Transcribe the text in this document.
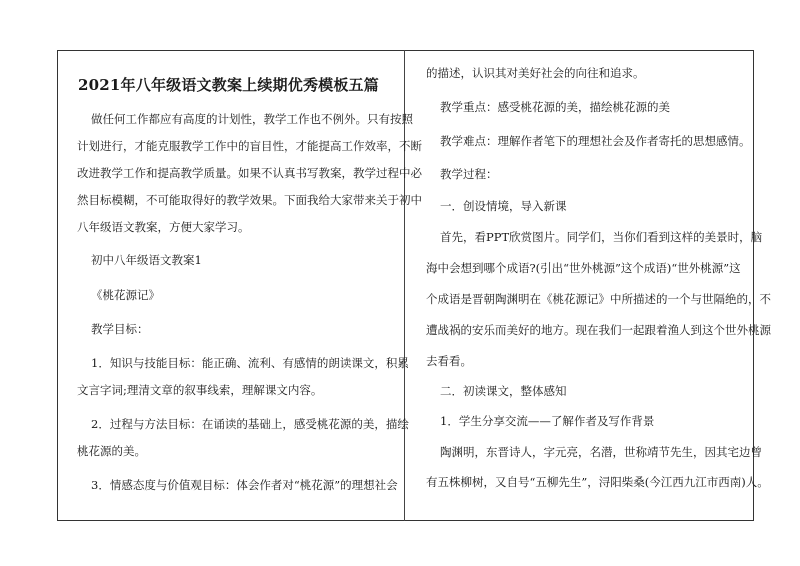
2021年八年级语文教案上续期优秀模板五篇
做任何工作都应有高度的计划性，教学工作也不例外。只有按照
计划进行，才能克服教学工作中的盲目性，才能提高工作效率，不断
改进教学工作和提高教学质量。如果不认真书写教案，教学过程中必
然目标模糊，不可能取得好的教学效果。下面我给大家带来关于初中
八年级语文教案，方便大家学习。
初中八年级语文教案1
《桃花源记》
教学目标：
1．知识与技能目标：能正确、流利、有感情的朗读课文，积累
文言字词;理清文章的叙事线索，理解课文内容。
2．过程与方法目标：在诵读的基础上，感受桃花源的美，描绘
桃花源的美。
3．情感态度与价值观目标：体会作者对“桃花源”的理想社会
的描述，认识其对美好社会的向往和追求。
教学重点：感受桃花源的美，描绘桃花源的美
教学难点：理解作者笔下的理想社会及作者寄托的思想感情。
教学过程：
一．创设情境，导入新课
首先，看PPT欣赏图片。同学们，当你们看到这样的美景时，脑
海中会想到哪个成语?(引出“世外桃源”这个成语)“世外桃源”这
个成语是晋朝陶渊明在《桃花源记》中所描述的一个与世隔绝的，不
遭战祸的安乐而美好的地方。现在我们一起跟着渔人到这个世外桃源
去看看。
二．初读课文，整体感知
1．学生分享交流——了解作者及写作背景
陶渊明，东晋诗人，字元亮，名潜，世称靖节先生，因其宅边曾
有五株柳树，又自号“五柳先生”，浔阳柴桑(今江西九江市西南)人。
